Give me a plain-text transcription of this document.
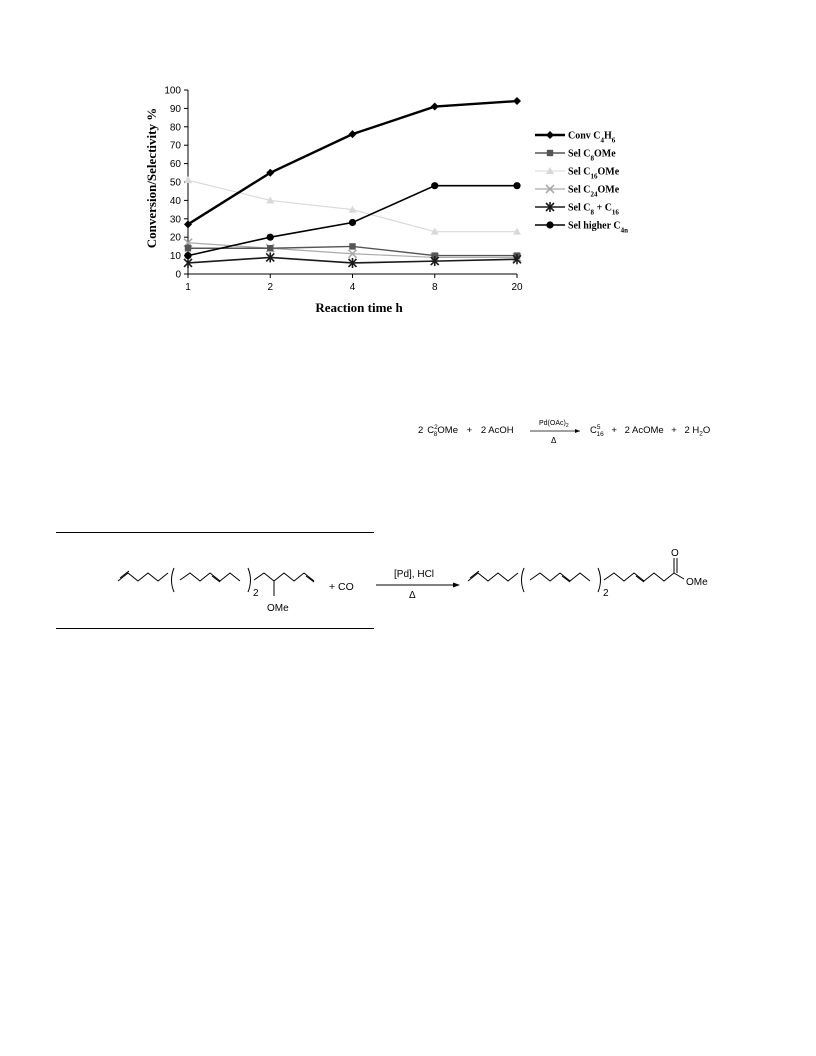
0
10
20
30
40
50
60
70
80
90
100
1	2	4	8	20
Conv $C_4H_6$
Sel $C_8OMe$
Sel $C_{16}OMe$
Sel $C_{24}OMe$
Sel $C_8 + C_{16}$
Sel higher $C_{4n}$
Conversion/Selectivity %
Reaction time h
2 $C^2$ 8OMe + 2 AcOH
$Pd(OAc)_2$
Δ
$C^5$ 16 + 2 AcOMe + 2 $H_2O$
2
OMe
+ CO
[Pd], HCl
Δ	2
O
OMe
